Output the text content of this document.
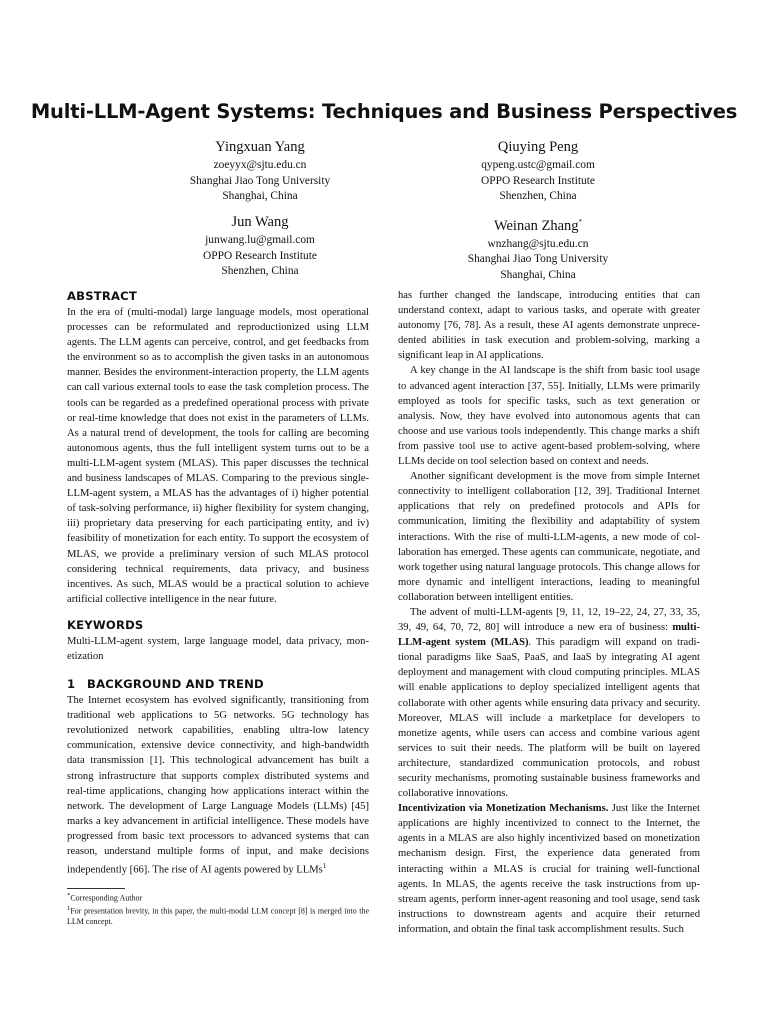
Multi-LLM-Agent Systems: Techniques and Business Perspectives
Yingxuan Yang
zoeyyx@sjtu.edu.cn
Shanghai Jiao Tong University
Shanghai, China
Qiuying Peng
qypeng.ustc@gmail.com
OPPO Research Institute
Shenzhen, China
Jun Wang
junwang.lu@gmail.com
OPPO Research Institute
Shenzhen, China
Weinan Zhang*
wnzhang@sjtu.edu.cn
Shanghai Jiao Tong University
Shanghai, China
ABSTRACT

In the era of (multi-modal) large language models, most operational processes can be reformulated and reproductionized using LLM agents. The LLM agents can perceive, control, and get feedbacks from the environment so as to accomplish the given tasks in an autonomous manner. Besides the environment-interaction property, the LLM agents can call various external tools to ease the task completion process. The tools can be regarded as a predefined operational process with private or real-time knowledge that does not exist in the parameters of LLMs. As a natural trend of development, the tools for calling are becoming autonomous agents, thus the full intelligent system turns out to be a multi-LLM-agent system (MLAS). This paper discusses the technical and business landscapes of MLAS. Comparing to the previous single-LLM-agent system, a MLAS has the advantages of i) higher potential of task-solving performance, ii) higher flexibility for system changing, iii) proprietary data preserving for each participating entity, and iv) feasibility of monetization for each entity. To support the ecosystem of MLAS, we provide a preliminary version of such MLAS protocol considering technical requirements, data privacy, and business incentives. As such, MLAS would be a practical solution to achieve artificial collective intelligence in the near future.

KEYWORDS

Multi-LLM-agent system, large language model, data privacy, monetization

1 BACKGROUND AND TREND

The Internet ecosystem has evolved significantly, transitioning from traditional web applications to 5G networks. 5G technology has revolutionized network capabilities, enabling ultra-low latency communication, extensive device connectivity, and high-bandwidth data transmission [1]. This technological advancement has built a strong infrastructure that supports complex distributed systems and real-time applications, changing how applications interact within the network. The development of Large Language Models (LLMs) [45] marks a key advancement in artificial intelligence. These models have progressed from basic text processors to advanced systems that can reason, understand multiple forms of input, and make decisions independently [66]. The rise of AI agents powered by LLMs$^1$

*Corresponding Author
$^1$For presentation brevity, in this paper, the multi-modal LLM concept [8] is merged into the LLM concept.

has further changed the landscape, introducing entities that can understand context, adapt to various tasks, and operate with greater autonomy [76, 78]. As a result, these AI agents demonstrate unprecedented abilities in task execution and problem-solving, marking a significant leap in AI applications.

A key change in the AI landscape is the shift from basic tool usage to advanced agent interaction [37, 55]. Initially, LLMs were primarily employed as tools for specific tasks, such as text generation or analysis. Now, they have evolved into autonomous agents that can choose and use various tools independently. This change marks a shift from passive tool use to active agent-based problem-solving, where LLMs decide on tool selection based on context and needs.

Another significant development is the move from simple Internet connectivity to intelligent collaboration [12, 39]. Traditional Internet applications that rely on predefined protocols and APIs for communication, limiting the flexibility and adaptability of system interactions. With the rise of multi-LLM-agents, a new mode of collaboration has emerged. These agents can communicate, negotiate, and work together using natural language protocols. This change allows for more dynamic and intelligent interactions, leading to meaningful collaboration between intelligent entities.

The advent of multi-LLM-agents [9, 11, 12, 19–22, 24, 27, 33, 35, 39, 49, 64, 70, 72, 80] will introduce a new era of business: multi-LLM-agent system (MLAS). This paradigm will expand on traditional paradigms like SaaS, PaaS, and IaaS by integrating AI agent deployment and management with cloud computing principles. MLAS will enable applications to deploy specialized intelligent agents that collaborate with other agents while ensuring data privacy and security. Moreover, MLAS will include a marketplace for developers to monetize agents, while users can access and combine various agent services to suit their needs. The platform will be built on layered architecture, standardized communication protocols, and robust security mechanisms, promoting sustainable business frameworks and collaborative innovations.

Incentivization via Monetization Mechanisms. Just like the Internet applications are highly incentivized to connect to the Internet, the agents in a MLAS are also highly incentivized based on monetization mechanism design. First, the experience data generated from interacting within a MLAS is crucial for training well-functional agents. In MLAS, the agents receive the task instructions from upstream agents, perform inner-agent reasoning and tool usage, send task instructions to downstream agents and acquire their returned information, and obtain the final task accomplishment results. Such
